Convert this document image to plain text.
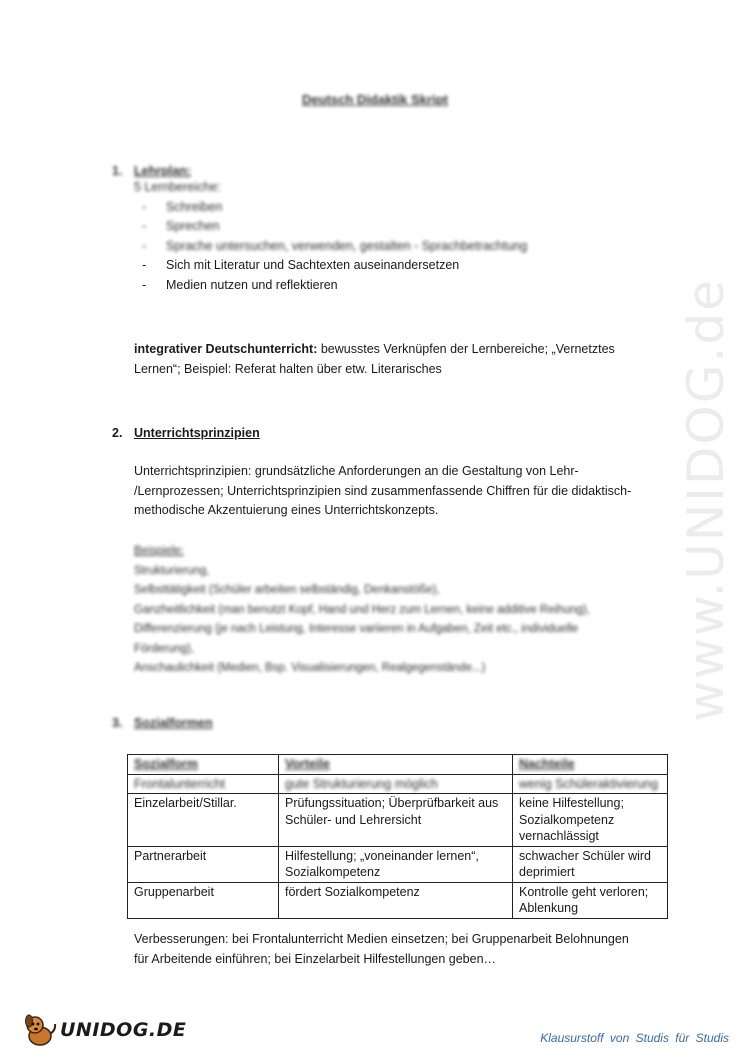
www.UNIDOG.de
Deutsch Didaktik Skript
1. Lehrplan:
5 Lernbereiche:
- Schreiben
- Sprechen
- Sprache untersuchen, verwenden, gestalten - Sprachbetrachtung
- Sich mit Literatur und Sachtexten auseinandersetzen
- Medien nutzen und reflektieren
integrativer Deutschunterricht: bewusstes Verknüpfen der Lernbereiche; „Vernetztes Lernen“; Beispiel: Referat halten über etw. Literarisches
2. Unterrichtsprinzipien
Unterrichtsprinzipien: grundsätzliche Anforderungen an die Gestaltung von Lehr-
/Lernprozessen; Unterrichtsprinzipien sind zusammenfassende Chiffren für die didaktisch-
methodische Akzentuierung eines Unterrichtskonzepts.
Beispiele:
Strukturierung,
Selbsttätigkeit (Schüler arbeiten selbständig, Denkanstöße),
Ganzheitlichkeit (man benutzt Kopf, Hand und Herz zum Lernen, keine additive Reihung),
Differenzierung (je nach Leistung, Interesse variieren in Aufgaben, Zeit etc., individuelle
Förderung),
Anschaulichkeit (Medien, Bsp. Visualisierungen, Realgegenstände...)
3. Sozialformen
Sozialform	Vorteile	Nachteile
Frontalunterricht	gute Strukturierung möglich	wenig Schüleraktivierung
Einzelarbeit/Stillar.	Prüfungssituation; Überprüfbarkeit aus Schüler- und Lehrersicht	keine Hilfestellung; Sozialkompetenz vernachlässigt
Partnerarbeit	Hilfestellung; „voneinander lernen“, Sozialkompetenz	schwacher Schüler wird deprimiert
Gruppenarbeit	fördert Sozialkompetenz	Kontrolle geht verloren; Ablenkung
Verbesserungen: bei Frontalunterricht Medien einsetzen; bei Gruppenarbeit Belohnungen
für Arbeitende einführen; bei Einzelarbeit Hilfestellungen geben…
UNIDOG.DE	Klausurstoff von Studis für Studis
